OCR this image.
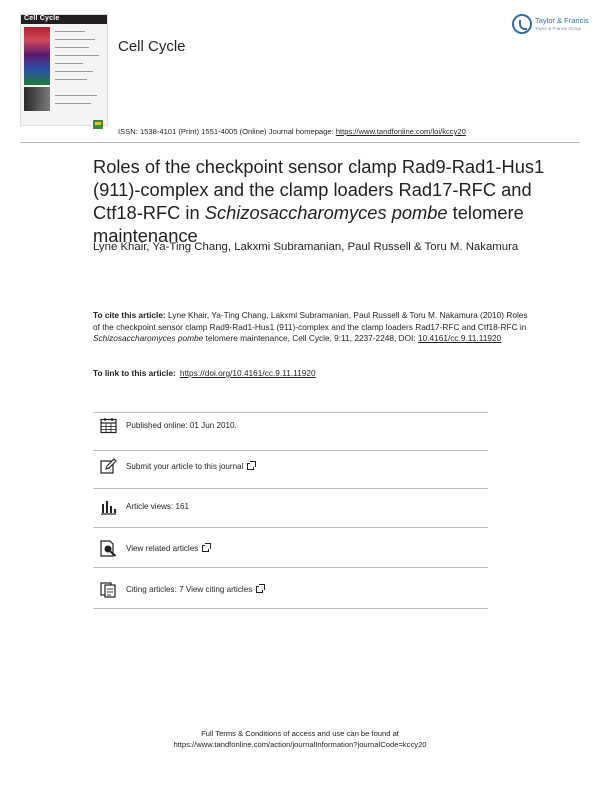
Cell Cycle
Cell Cycle
Taylor & Francis
Taylor & Francis Group
ISSN: 1538-4101 (Print) 1551-4005 (Online) Journal homepage: https://www.tandfonline.com/loi/kccy20
Roles of the checkpoint sensor clamp Rad9-Rad1-Hus1 (911)-complex and the clamp loaders Rad17-RFC and Ctf18-RFC in Schizosaccharomyces pombe telomere maintenance
Lyne Khair, Ya-Ting Chang, Lakxmi Subramanian, Paul Russell & Toru M. Nakamura
To cite this article: Lyne Khair, Ya-Ting Chang, Lakxmi Subramanian, Paul Russell & Toru M. Nakamura (2010) Roles of the checkpoint sensor clamp Rad9-Rad1-Hus1 (911)-complex and the clamp loaders Rad17-RFC and Ctf18-RFC in Schizosaccharomyces pombe telomere maintenance, Cell Cycle, 9:11, 2237-2248, DOI: 10.4161/cc.9.11.11920
To link to this article: https://doi.org/10.4161/cc.9.11.11920
Published online: 01 Jun 2010.
Submit your article to this journal
Article views: 161
View related articles
Citing articles: 7 View citing articles
Full Terms & Conditions of access and use can be found at
https://www.tandfonline.com/action/journalInformation?journalCode=kccy20
